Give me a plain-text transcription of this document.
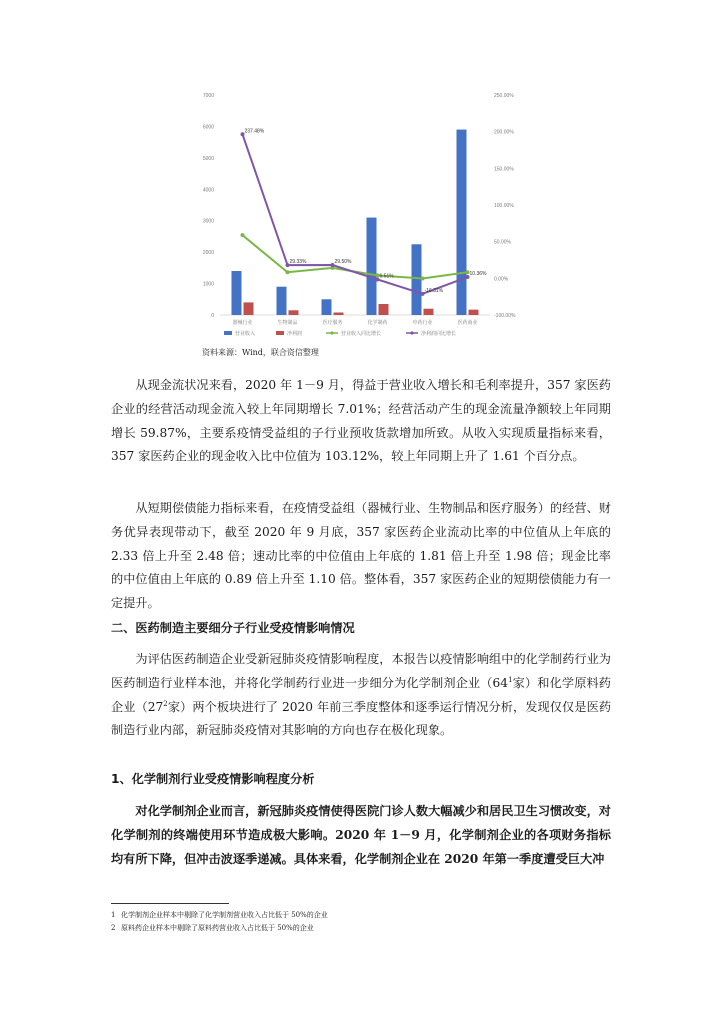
0
1000
2000
3000
4000
5000
6000
7000
-100.00%
0.00%
50.00%
100.00%
150.00%
200.00%
250.00%
237.48%
29.33%	29.50%
6.51%
-16.31%
10.36%
器械行业	生物制品	医疗服务	化学制药	中药行业	医药商业
营业收入	净利润	营业收入同比增长	净利润同比增长
资料来源：Wind，联合资信整理

从现金流状况来看，2020 年 1－9 月，得益于营业收入增长和毛利率提升，357 家医药企业的经营活动现金流入较上年同期增长 7.01%；经营活动产生的现金流量净额较上年同期增长 59.87%，主要系疫情受益组的子行业预收货款增加所致。从收入实现质量指标来看，357 家医药企业的现金收入比中位值为 103.12%，较上年同期上升了 1.61 个百分点。

从短期偿债能力指标来看，在疫情受益组（器械行业、生物制品和医疗服务）的经营、财务优异表现带动下，截至 2020 年 9 月底，357 家医药企业流动比率的中位值从上年底的 2.33 倍上升至 2.48 倍；速动比率的中位值由上年底的 1.81 倍上升至 1.98 倍；现金比率的中位值由上年底的 0.89 倍上升至 1.10 倍。整体看，357 家医药企业的短期偿债能力有一定提升。

二、医药制造主要细分子行业受疫情影响情况

为评估医药制造企业受新冠肺炎疫情影响程度，本报告以疫情影响组中的化学制药行业为医药制造行业样本池，并将化学制药行业进一步细分为化学制剂企业（$64^1$家）和化学原料药企业（$27^2$家）两个板块进行了 2020 年前三季度整体和逐季运行情况分析，发现仅仅是医药制造行业内部，新冠肺炎疫情对其影响的方向也存在极化现象。

1、化学制剂行业受疫情影响程度分析

对化学制剂企业而言，新冠肺炎疫情使得医院门诊人数大幅减少和居民卫生习惯改变，对化学制剂的终端使用环节造成极大影响。2020 年 1－9 月，化学制剂企业的各项财务指标均有所下降，但冲击波逐季递减。具体来看，化学制剂企业在 2020 年第一季度遭受巨大冲

1 化学制剂企业样本中剔除了化学制剂营业收入占比低于 50%的企业
2 原料药企业样本中剔除了原料药营业收入占比低于 50%的企业
